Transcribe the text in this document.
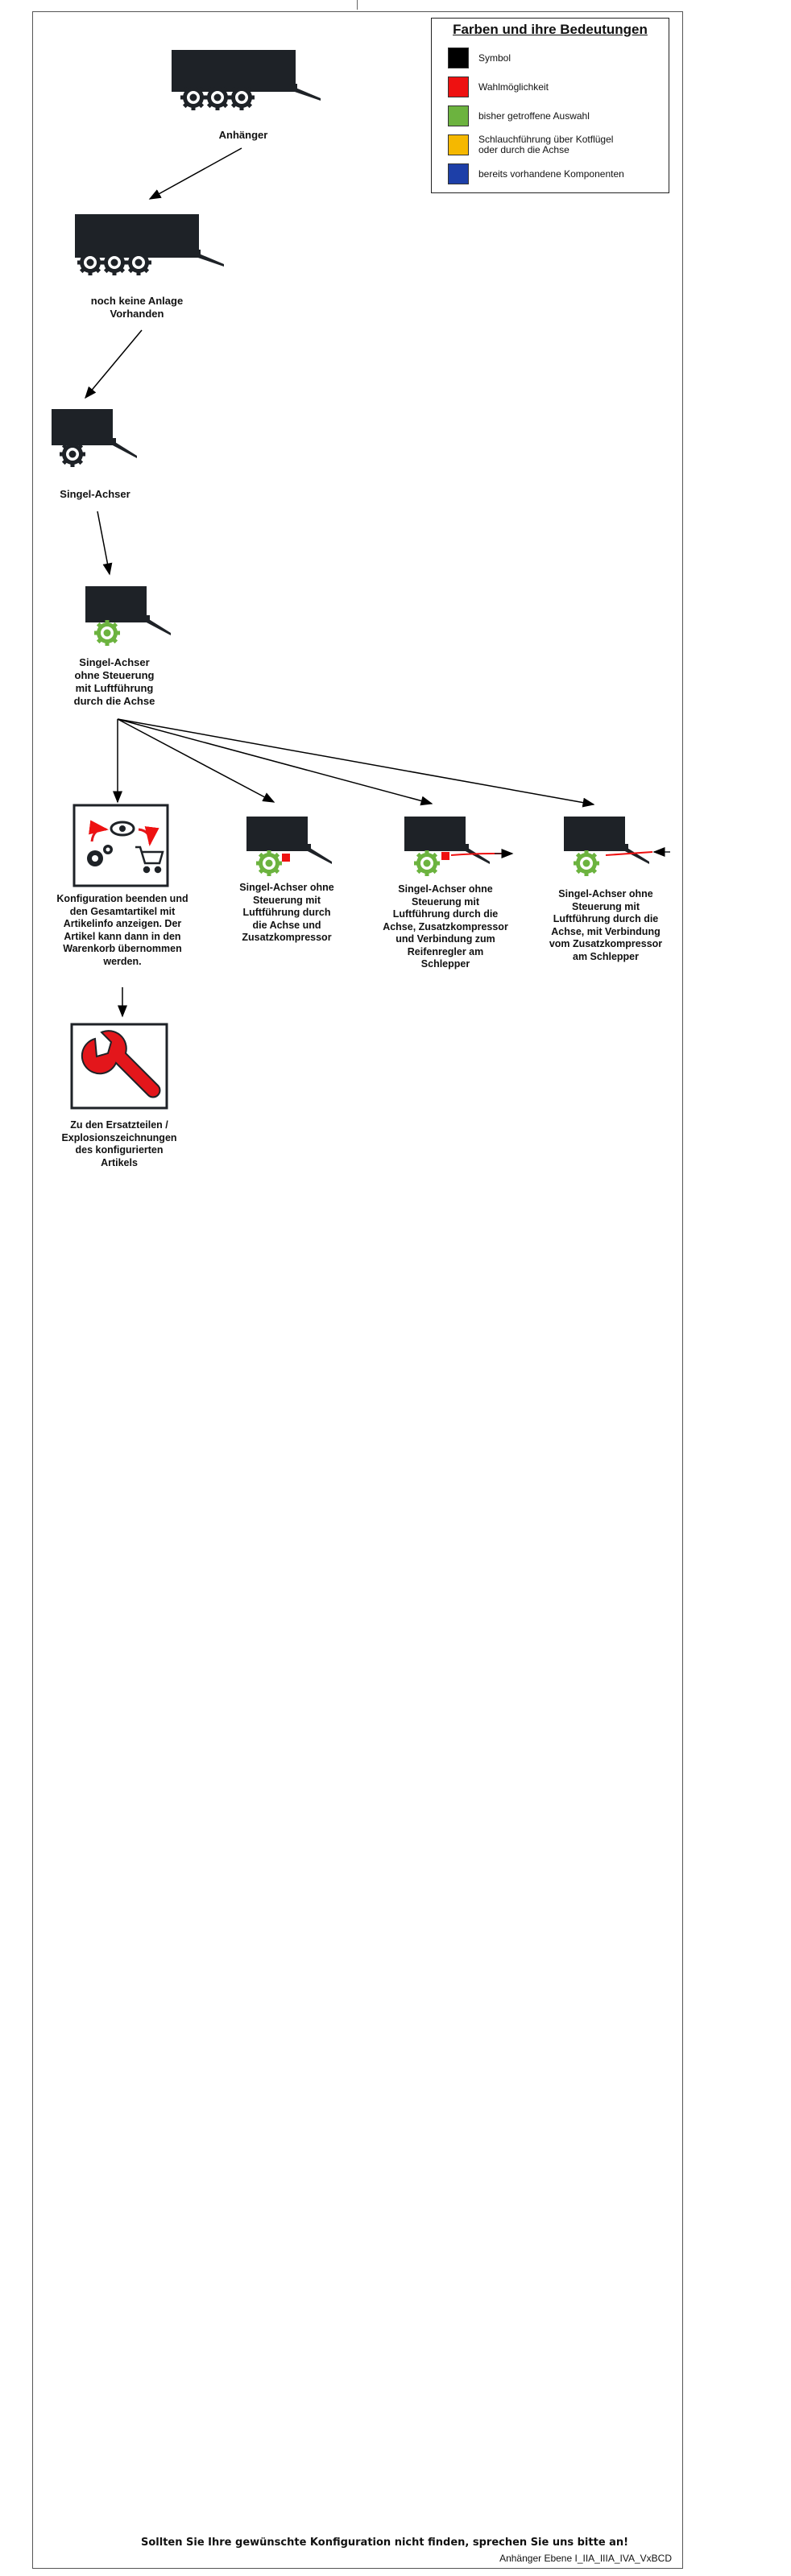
Anhänger
noch keine Anlage
Vorhanden
Singel-Achser
Singel-Achser
ohne Steuerung
mit Luftführung
durch die Achse
Konfiguration beenden und
den Gesamtartikel mit
Artikelinfo anzeigen. Der
Artikel kann dann in den
Warenkorb übernommen
werden.
Singel-Achser ohne
Steuerung mit
Luftführung durch
die Achse und
Zusatzkompressor
Singel-Achser ohne
Steuerung mit
Luftführung durch die
Achse, Zusatzkompressor
und Verbindung zum
Reifenregler am
Schlepper
Singel-Achser ohne
Steuerung mit
Luftführung durch die
Achse, mit Verbindung
vom Zusatzkompressor
am Schlepper
Zu den Ersatzteilen /
Explosionszeichnungen
des konfigurierten
Artikels
Farben und ihre Bedeutungen
Symbol
Wahlmöglichkeit
bisher getroffene Auswahl
Schlauchführung über Kotflügel
oder durch die Achse
bereits vorhandene Komponenten
Sollten Sie Ihre gewünschte Konfiguration nicht finden, sprechen Sie uns bitte an!
Anhänger Ebene I_IIA_IIIA_IVA_VxBCD
